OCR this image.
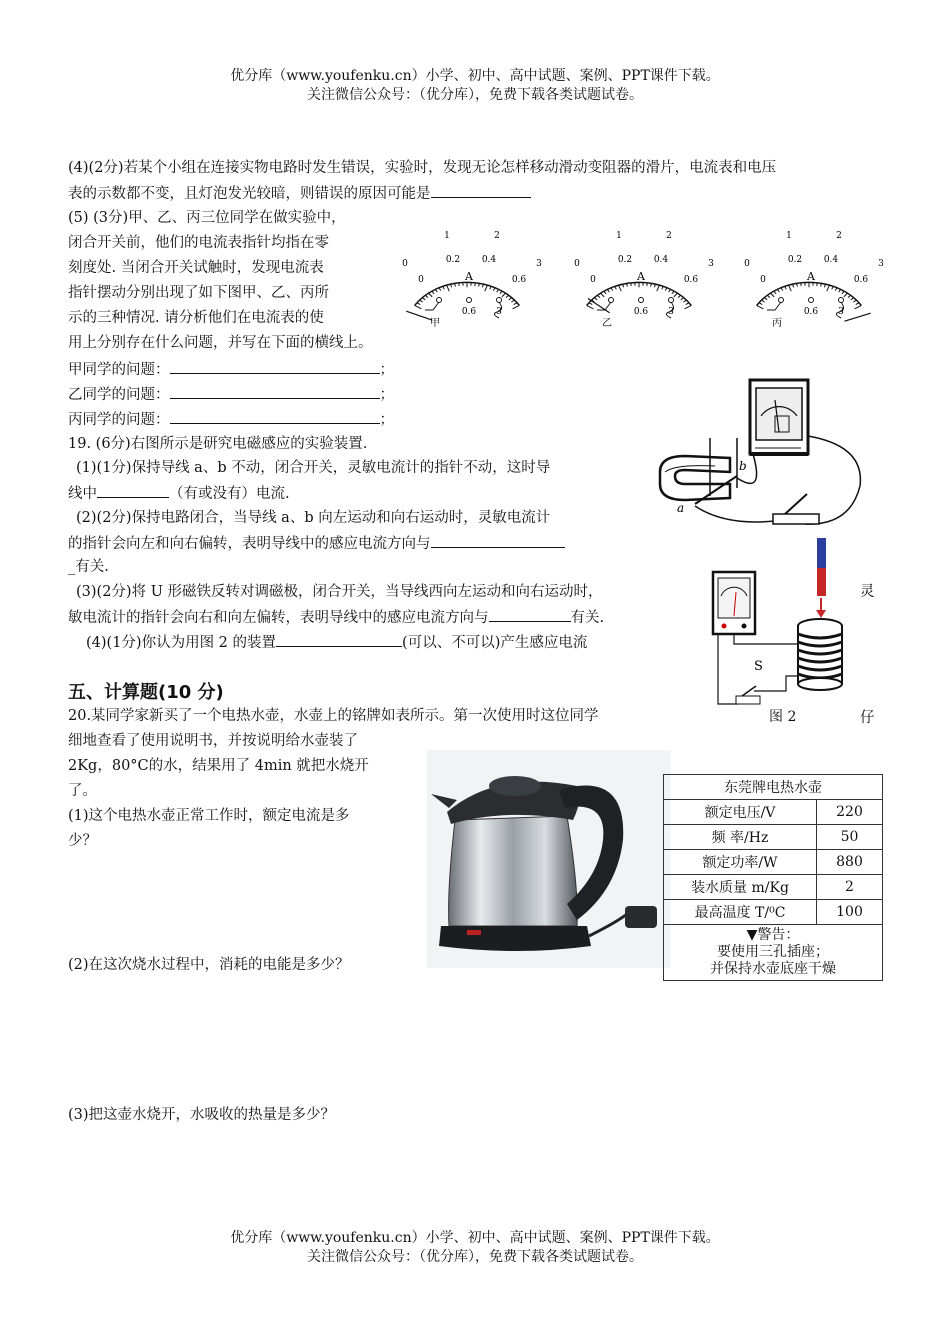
优分库（www.youfenku.cn）小学、初中、高中试题、案例、PPT课件下载。
关注微信公众号：（优分库），免费下载各类试题试卷。
(4)(2分)若某个小组在连接实物电路时发生错误，实验时，发现无论怎样移动滑动变阻器的滑片，电流表和电压
表的示数都不变，且灯泡发光较暗，则错误的原因可能是
(5) (3分)甲、乙、丙三位同学在做实验中，
闭合开关前，他们的电流表指针均指在零
刻度处. 当闭合开关试触时，发现电流表
指针摆动分别出现了如下图甲、乙、丙所
示的三种情况. 请分析他们在电流表的使
用上分别存在什么问题，并写在下面的横线上。
0
1	2
0.2 0.4	3
0.6
0	A
0.6 3
甲
0
1	2
0.2 0.4	3
0.6
0	A
0.6 3
乙
0
1	2
0.2 0.4	3
0.6
0	A
0.6 3
丙
甲同学的问题：	；
乙同学的问题：	；
丙同学的问题：	；
19. (6分)右图所示是研究电磁感应的实验装置.
(1)(1分)保持导线 a、b 不动，闭合开关，灵敏电流计的指针不动，这时导
线中	（有或没有）电流.
(2)(2分)保持电路闭合，当导线 a、b 向左运动和向右运动时，灵敏电流计
的指针会向左和向右偏转，表明导线中的感应电流方向与
_有关.
(3)(2分)将 U 形磁铁反转对调磁极，闭合开关，当导线西向左运动和向右运动时，	灵
敏电流计的指针会向右和向左偏转，表明导线中的感应电流方向与	有关.
(4)(1分)你认为用图 2 的装置	(可以、不可以)产生感应电流
a
b
S
图 2	仔
五、计算题(10 分)
20.某同学家新买了一个电热水壶，水壶上的铭牌如表所示。第一次使用时这位同学
细地查看了使用说明书，并按说明给水壶装了
2Kg，80°C的水，结果用了 4min 就把水烧开
了。
(1)这个电热水壶正常工作时，额定电流是多
少？
(2)在这次烧水过程中，消耗的电能是多少？
(3)把这壶水烧开，水吸收的热量是多少？
东莞牌电热水壶	
额定电压/V	220
频 率/Hz	50
额定功率/W	880
装水质量 m/Kg	2
最高温度 T/⁰C	100

▼警告：
要使用三孔插座；
并保持水壶底座干燥	
优分库（www.youfenku.cn）小学、初中、高中试题、案例、PPT课件下载。
关注微信公众号：（优分库），免费下载各类试题试卷。
